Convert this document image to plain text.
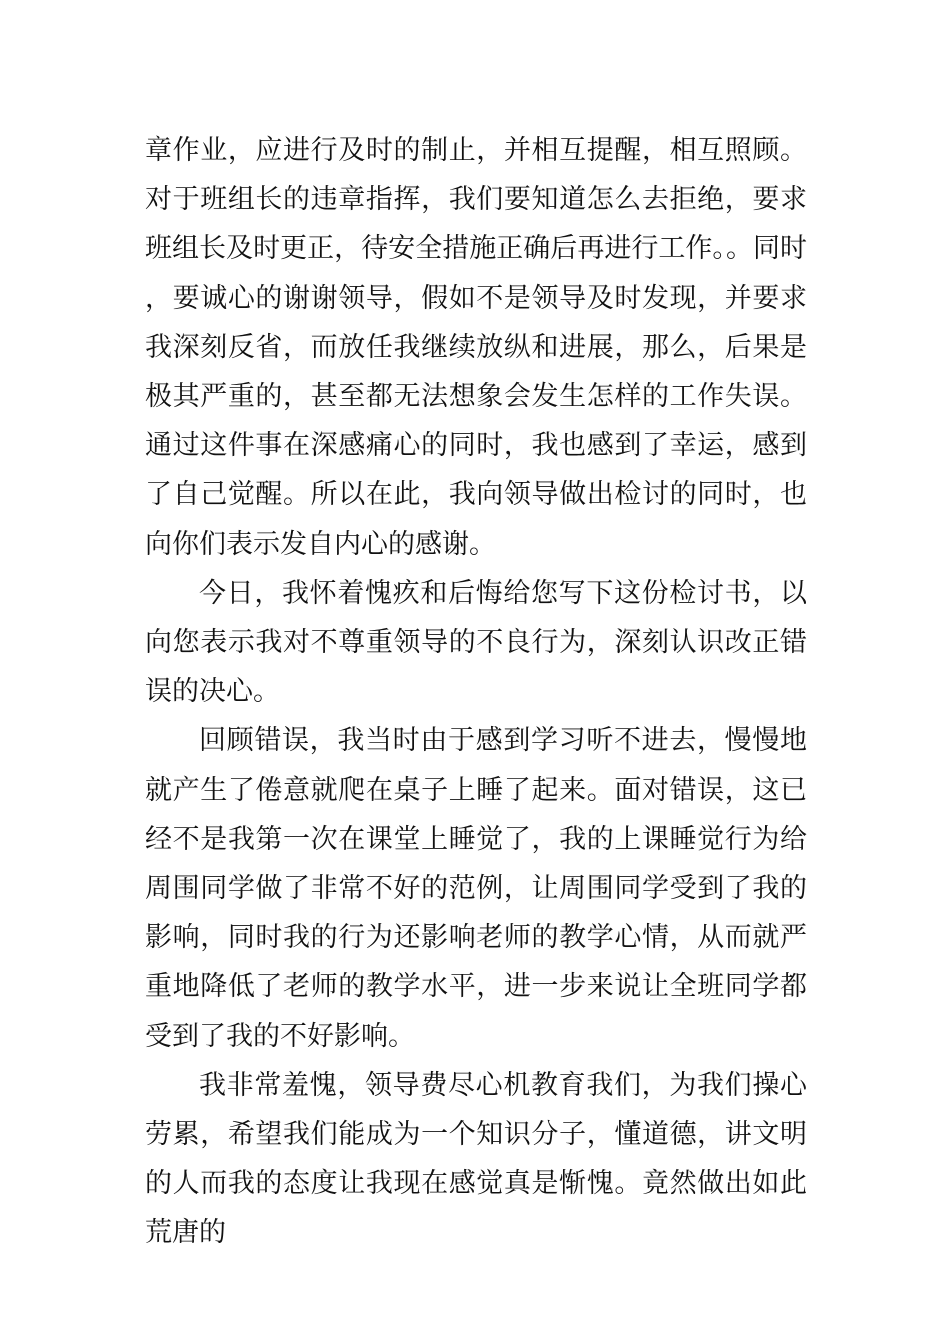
章作业，应进行及时的制止，并相互提醒，相互照顾。对于班组长的违章指挥，我们要知道怎么去拒绝，要求班组长及时更正，待安全措施正确后再进行工作。。同时，要诚心的谢谢领导，假如不是领导及时发现，并要求我深刻反省，而放任我继续放纵和进展，那么，后果是极其严重的，甚至都无法想象会发生怎样的工作失误。通过这件事在深感痛心的同时，我也感到了幸运，感到了自己觉醒。所以在此，我向领导做出检讨的同时，也向你们表示发自内心的感谢。

今日，我怀着愧疚和后悔给您写下这份检讨书，以向您表示我对不尊重领导的不良行为，深刻认识改正错误的决心。

回顾错误，我当时由于感到学习听不进去，慢慢地就产生了倦意就爬在桌子上睡了起来。面对错误，这已经不是我第一次在课堂上睡觉了，我的上课睡觉行为给周围同学做了非常不好的范例，让周围同学受到了我的影响，同时我的行为还影响老师的教学心情，从而就严重地降低了老师的教学水平，进一步来说让全班同学都受到了我的不好影响。

我非常羞愧，领导费尽心机教育我们，为我们操心劳累，希望我们能成为一个知识分子，懂道德，讲文明的人而我的态度让我现在感觉真是惭愧。竟然做出如此荒唐的
